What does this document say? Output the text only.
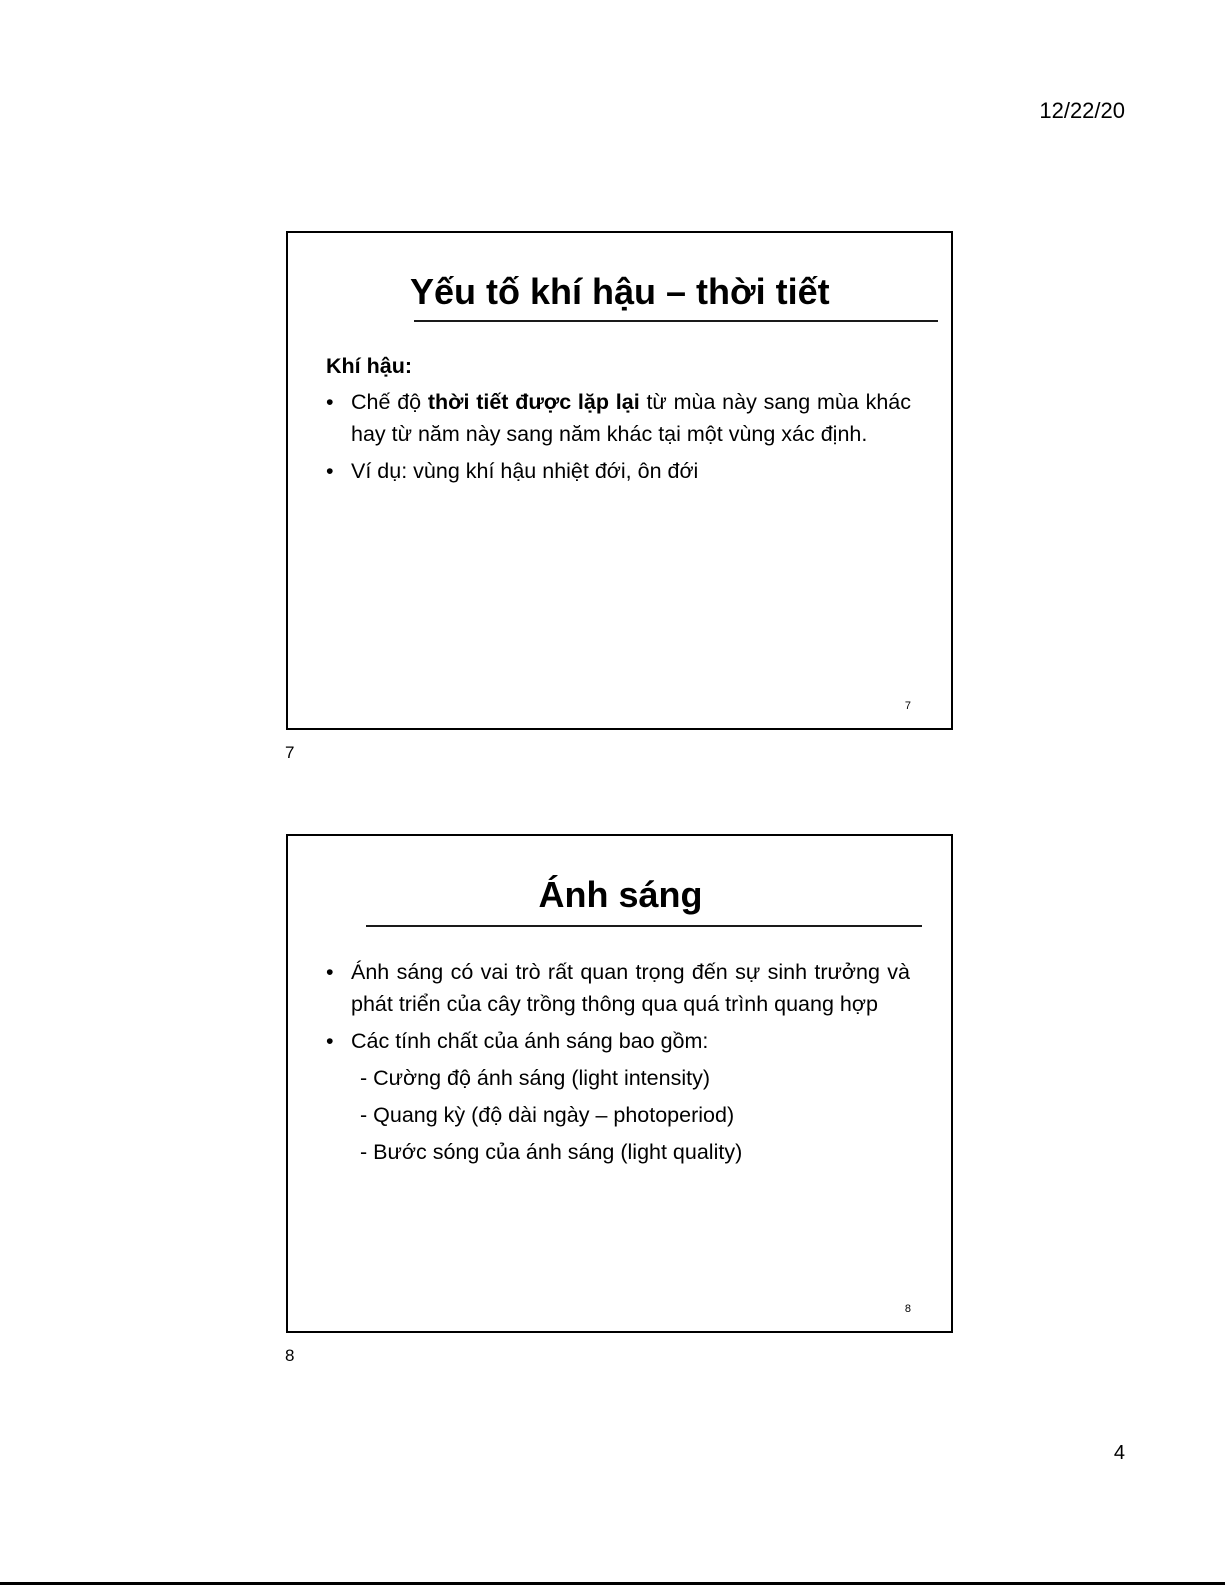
12/22/20
Yếu tố khí hậu – thời tiết
Khí hậu:
• Chế độ thời tiết được lặp lại từ mùa này sang mùa khác hay từ năm này sang năm khác tại một vùng xác định.
• Ví dụ: vùng khí hậu nhiệt đới, ôn đới
7
7
Ánh sáng
• Ánh sáng có vai trò rất quan trọng đến sự sinh trưởng và phát triển của cây trồng thông qua quá trình quang hợp
• Các tính chất của ánh sáng bao gồm:
- Cường độ ánh sáng (light intensity)
- Quang kỳ (độ dài ngày – photoperiod)
- Bước sóng của ánh sáng (light quality)
8
8
4
